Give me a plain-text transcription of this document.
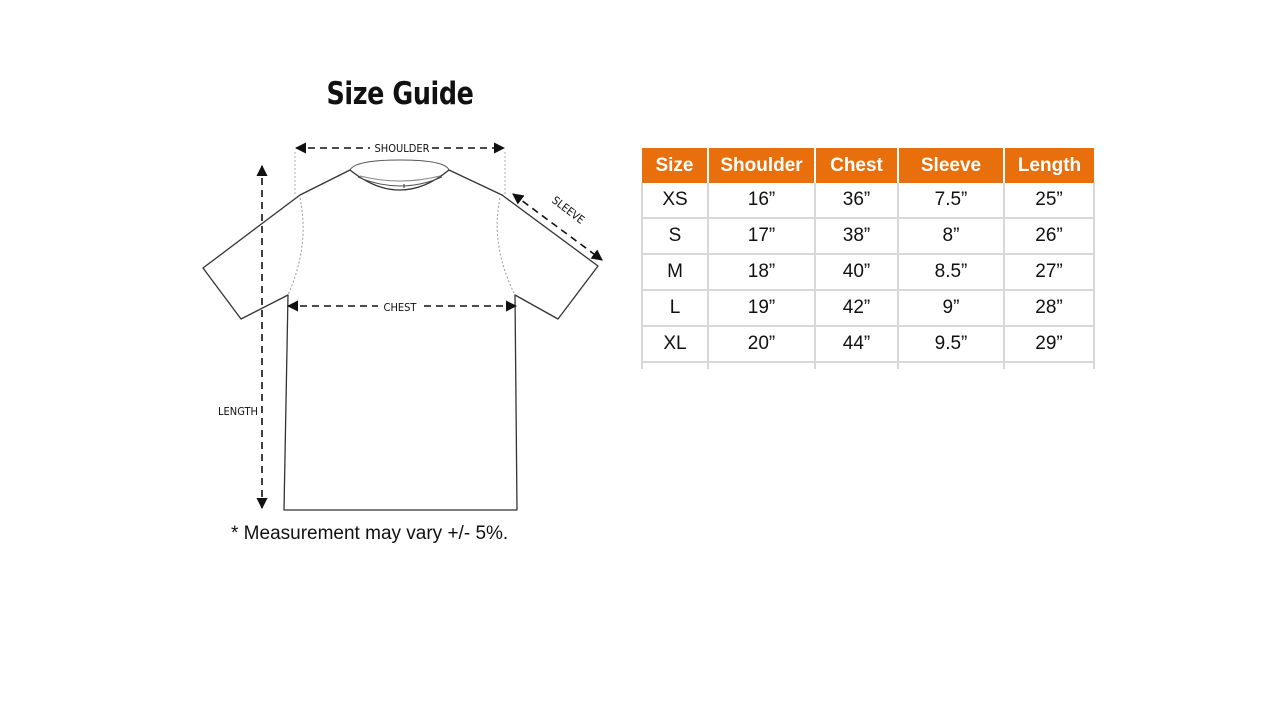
Size Guide
SHOULDER
SLEEVE
CHEST
LENGTH
* Measurement may vary +/- 5%.
Size	Shoulder	Chest	Sleeve	Length
XS	16”	36”	7.5”	25”
S	17”	38”	8”	26”
M	18”	40”	8.5”	27”
L	19”	42”	9”	28”
XL	20”	44”	9.5”	29”
